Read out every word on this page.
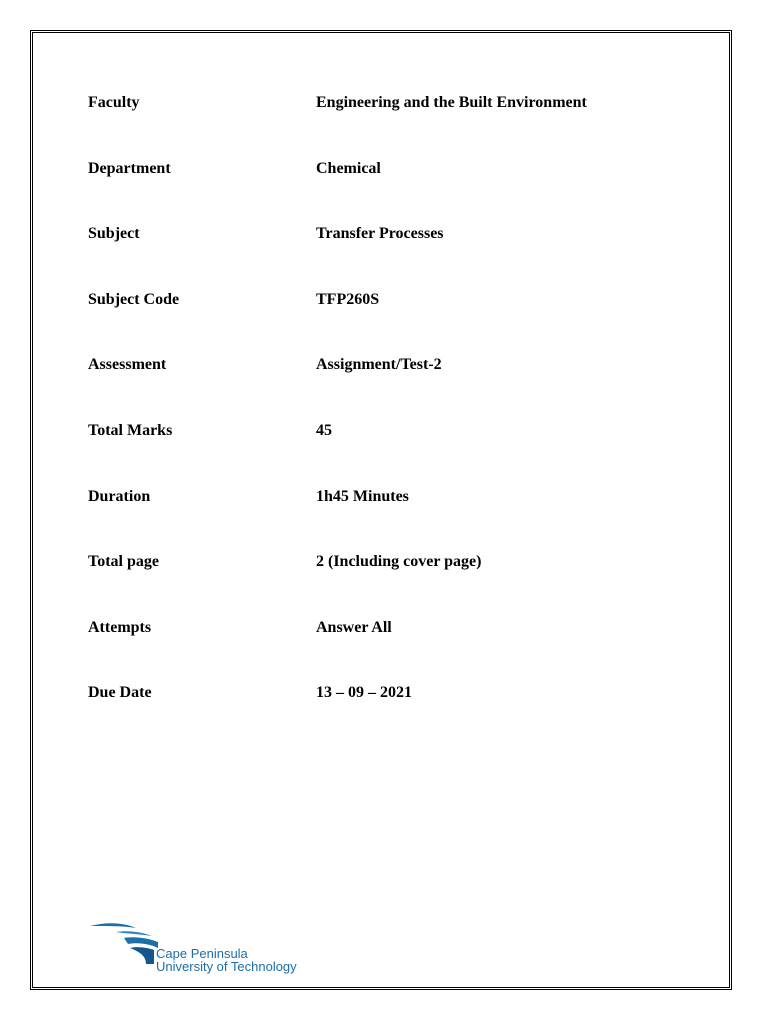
Faculty	Engineering and the Built Environment
Department	Chemical
Subject	Transfer Processes
Subject Code	TFP260S
Assessment	Assignment/Test-2
Total Marks	45
Duration	1h45 Minutes
Total page	2 (Including cover page)
Attempts	Answer All
Due Date	13 – 09 – 2021
Cape Peninsula
University of Technology
